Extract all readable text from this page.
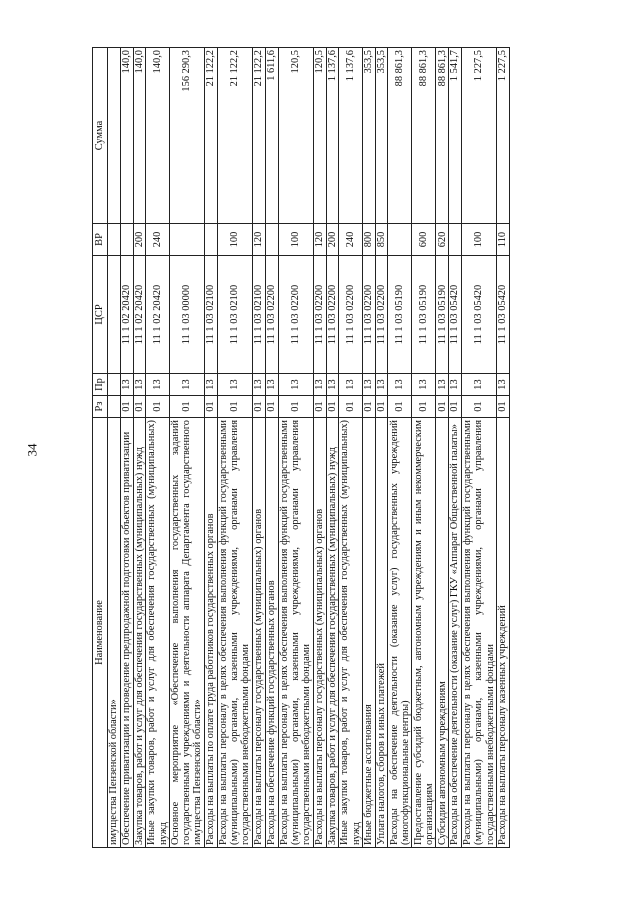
34
Наименование	Рз	Пр	ЦСР	ВР	Сумма
имущества Пензенской области»					
Обеспечение приватизации и проведение предпродажной подготовки объектов приватизации	01	13	11 1 02 20420		140,0
Закупка товаров, работ и услуг для обеспечения государственных (муниципальных) нужд	01	13	11 1 02 20420	200	140,0
Иные закупки товаров, работ и услуг для обеспечения государственных (муниципальных) нужд	01	13	11 1 02 20420	240	140,0
Основное мероприятие «Обеспечение выполнения государственных заданий государственными учреждениями и деятельности аппарата Департамента государственного имущества Пензенской области»	01	13	11 1 03 00000		156 290,3
Расходы на выплаты по оплате труда работников государственных органов	01	13	11 1 03 02100		21 122,2
Расходы на выплаты персоналу в целях обеспечения выполнения функций государственными (муниципальными) органами, казенными учреждениями, органами управления государственными внебюджетными фондами	01	13	11 1 03 02100	100	21 122,2
Расходы на выплаты персоналу государственных (муниципальных) органов	01	13	11 1 03 02100	120	21 122,2
Расходы на обеспечение функций государственных органов	01	13	11 1 03 02200		1 611,6
Расходы на выплаты персоналу в целях обеспечения выполнения функций государственными (муниципальными) органами, казенными учреждениями, органами управления государственными внебюджетными фондами	01	13	11 1 03 02200	100	120,5
Расходы на выплаты персоналу государственных (муниципальных) органов	01	13	11 1 03 02200	120	120,5
Закупка товаров, работ и услуг для обеспечения государственных (муниципальных) нужд	01	13	11 1 03 02200	200	1 137,6
Иные закупки товаров, работ и услуг для обеспечения государственных (муниципальных) нужд	01	13	11 1 03 02200	240	1 137,6
Иные бюджетные ассигнования	01	13	11 1 03 02200	800	353,5
Уплата налогов, сборов и иных платежей	01	13	11 1 03 02200	850	353,5
Расходы на обеспечение деятельности (оказание услуг) государственных учреждений (многофункциональные центры)	01	13	11 1 03 05190		88 861,3
Предоставление субсидий бюджетным, автономным учреждениям и иным некоммерческим организациям	01	13	11 1 03 05190	600	88 861,3
Субсидии автономным учреждениям	01	13	11 1 03 05190	620	88 861,3
Расходы на обеспечение деятельности (оказание услуг) ГКУ «Аппарат Общественной палаты»	01	13	11 1 03 05420		1 541,7
Расходы на выплаты персоналу в целях обеспечения выполнения функций государственными (муниципальными) органами, казенными учреждениями, органами управления государственными внебюджетными фондами	01	13	11 1 03 05420	100	1 227,5
Расходы на выплаты персоналу казенных учреждений	01	13	11 1 03 05420	110	1 227,5
